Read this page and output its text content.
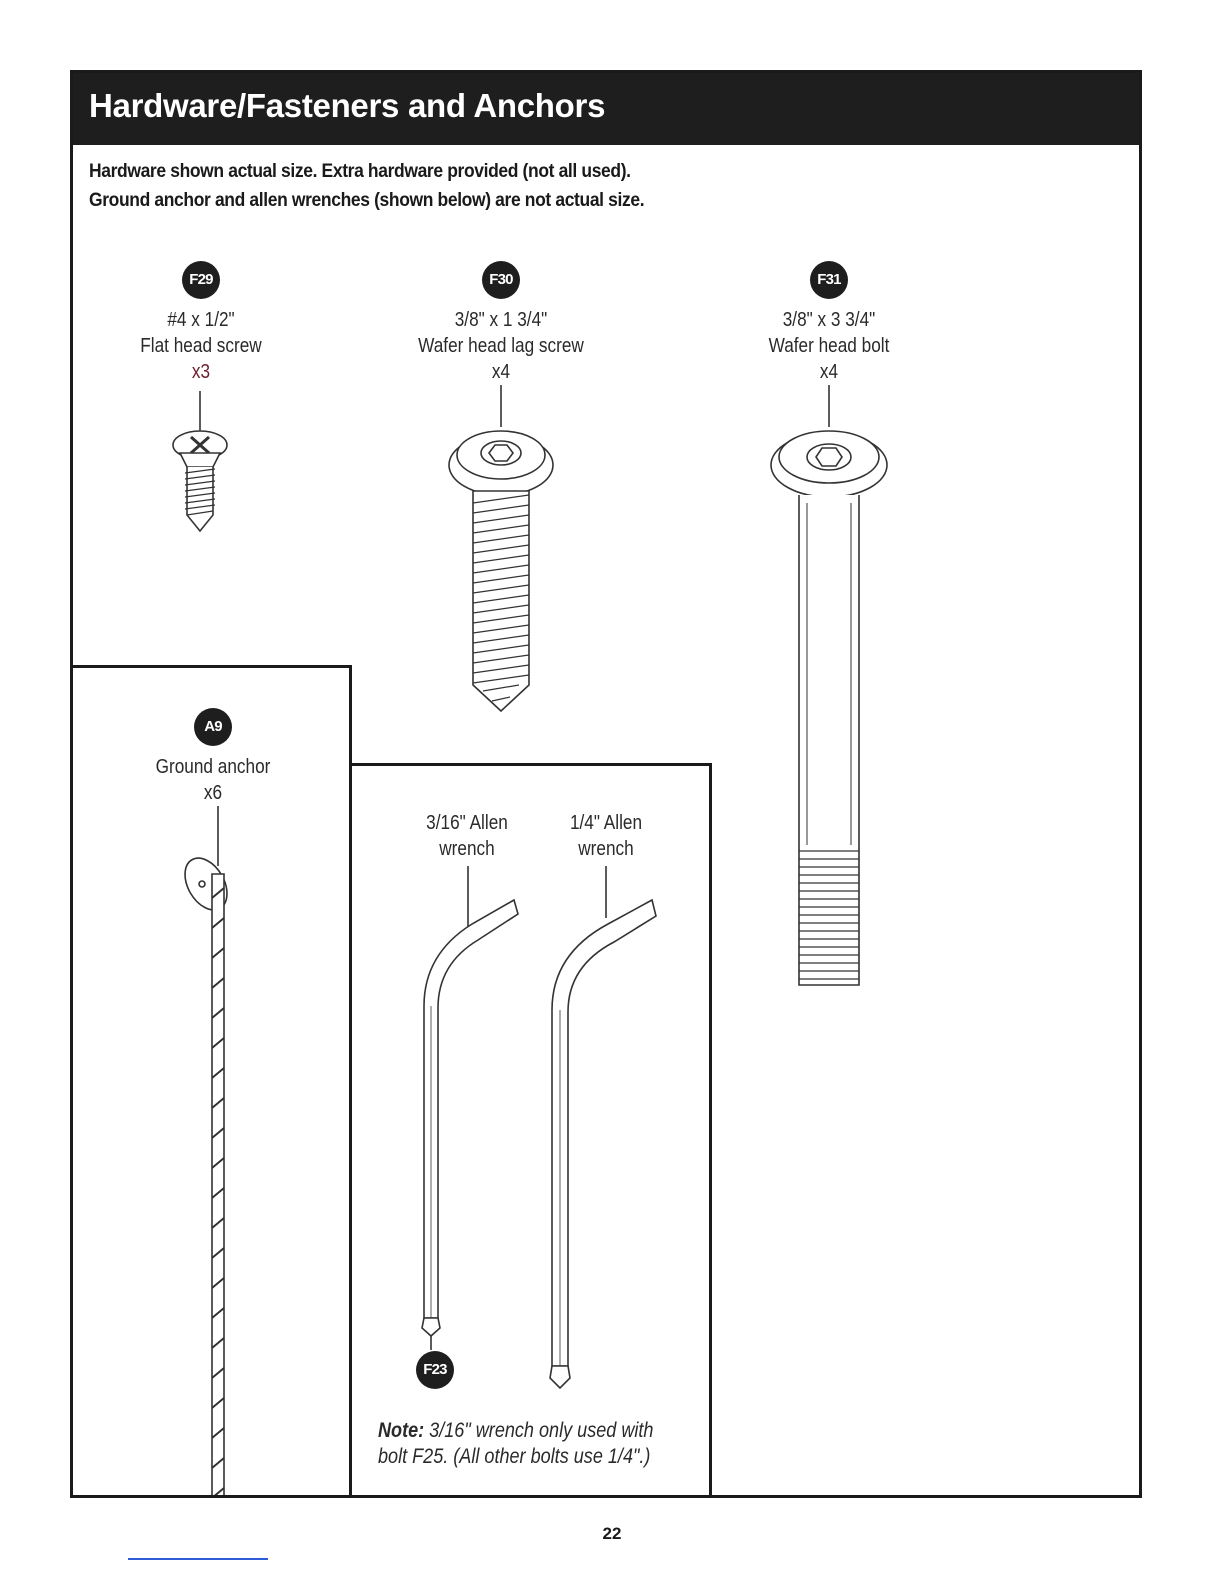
Hardware/Fasteners and Anchors
Hardware shown actual size. Extra hardware provided (not all used).
Ground anchor and allen wrenches (shown below) are not actual size.
F29
#4 x 1/2"
Flat head screw
x3
F30
3/8" x 1 3/4"
Wafer head lag screw
x4
F31
3/8" x 3 3/4"
Wafer head bolt
x4
A9
Ground anchor
x6
3/16" Allen
wrench
1/4" Allen
wrench
F23
Note: 3/16" wrench only used with
bolt F25. (All other bolts use 1/4".)
22
